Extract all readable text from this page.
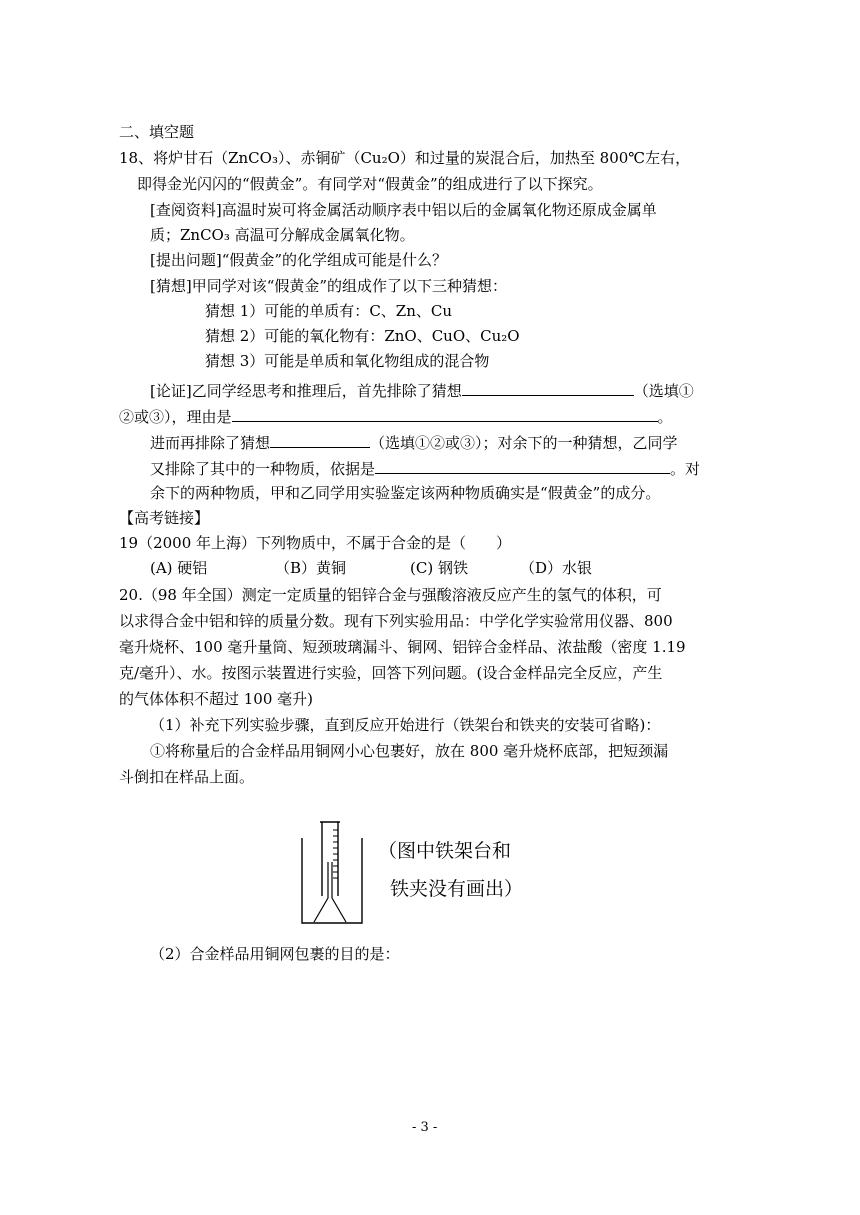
二、填空题
18、将炉甘石（ZnCO₃）、赤铜矿（Cu₂O）和过量的炭混合后，加热至 800℃左右，
即得金光闪闪的“假黄金”。有同学对“假黄金”的组成进行了以下探究。
[查阅资料]高温时炭可将金属活动顺序表中铝以后的金属氧化物还原成金属单
质；ZnCO₃ 高温可分解成金属氧化物。
[提出问题]“假黄金”的化学组成可能是什么？
[猜想]甲同学对该“假黄金”的组成作了以下三种猜想：
猜想 1）可能的单质有：C、Zn、Cu
猜想 2）可能的氧化物有：ZnO、CuO、Cu₂O
猜想 3）可能是单质和氧化物组成的混合物
[论证]乙同学经思考和推理后，首先排除了猜想	（选填①
②或③），理由是	。
进而再排除了猜想	（选填①②或③）；对余下的一种猜想，乙同学
又排除了其中的一种物质，依据是	。对
余下的两种物质，甲和乙同学用实验鉴定该两种物质确实是“假黄金”的成分。
【高考链接】
19（2000 年上海）下列物质中，不属于合金的是（　　）
(A) 硬铝	（B）黄铜	(C) 钢铁	（D）水银
20.（98 年全国）测定一定质量的铝锌合金与强酸溶液反应产生的氢气的体积，可
以求得合金中铝和锌的质量分数。现有下列实验用品：中学化学实验常用仪器、800
毫升烧杯、100 毫升量筒、短颈玻璃漏斗、铜网、铝锌合金样品、浓盐酸（密度 1.19
克/毫升）、水。按图示装置进行实验，回答下列问题。(设合金样品完全反应，产生
的气体体积不超过 100 毫升)
（1）补充下列实验步骤，直到反应开始进行（铁架台和铁夹的安装可省略)：
①将称量后的合金样品用铜网小心包裹好，放在 800 毫升烧杯底部，把短颈漏
斗倒扣在样品上面。
（图中铁架台和
铁夹没有画出）
（2）合金样品用铜网包裹的目的是：
- 3 -
